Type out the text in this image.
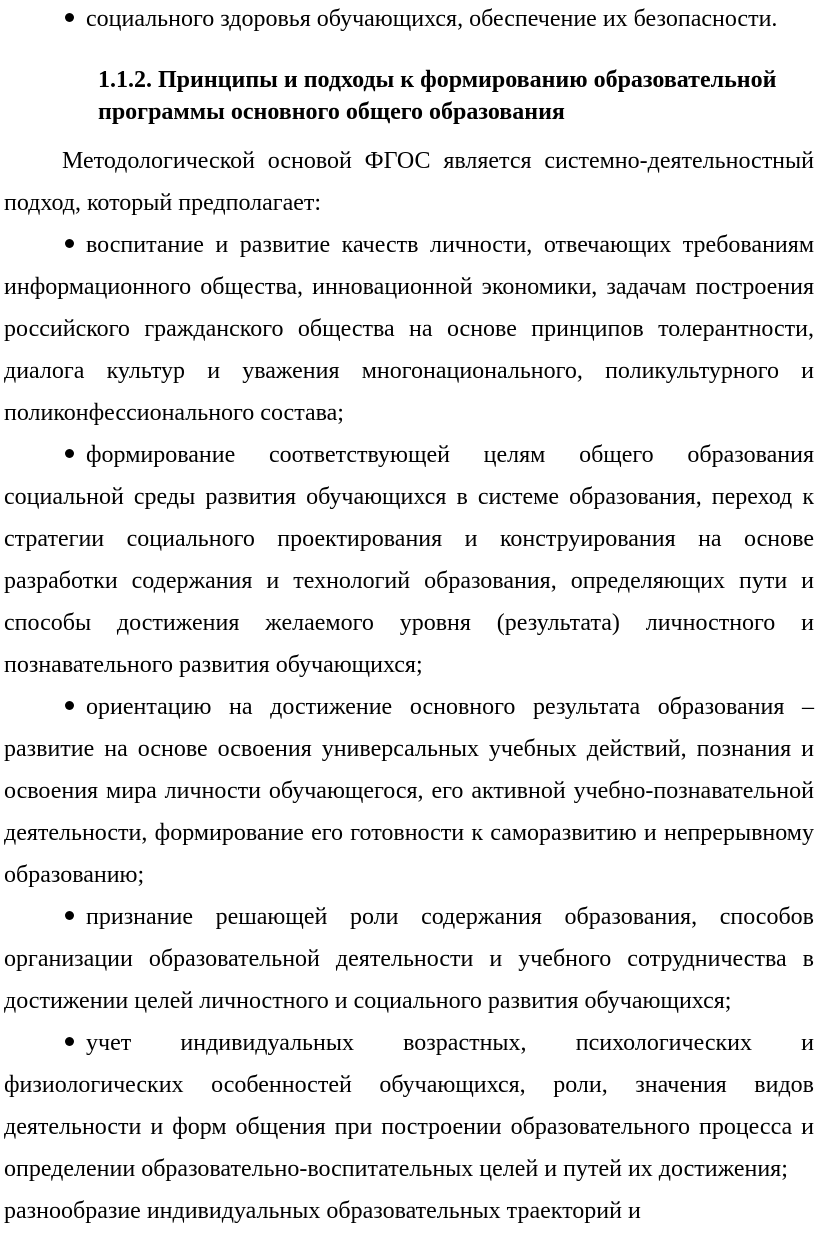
социального здоровья обучающихся, обеспечение их безопасности.
1.1.2. Принципы и подходы к формированию образовательной
программы основного общего образования
Методологической основой ФГОС является системно-деятельностный
подход, который предполагает:
воспитание и развитие качеств личности, отвечающих требованиям
информационного общества, инновационной экономики, задачам построения
российского гражданского общества на основе принципов толерантности,
диалога культур и уважения многонационального, поликультурного и
поликонфессионального состава;
формирование соответствующей целям общего образования
социальной среды развития обучающихся в системе образования, переход к
стратегии социального проектирования и конструирования на основе
разработки содержания и технологий образования, определяющих пути и
способы достижения желаемого уровня (результата) личностного и
познавательного развития обучающихся;
ориентацию на достижение основного результата образования –
развитие на основе освоения универсальных учебных действий, познания и
освоения мира личности обучающегося, его активной учебно-познавательной
деятельности, формирование его готовности к саморазвитию и непрерывному
образованию;
признание решающей роли содержания образования, способов
организации образовательной деятельности и учебного сотрудничества в
достижении целей личностного и социального развития обучающихся;
учет индивидуальных возрастных, психологических и
физиологических особенностей обучающихся, роли, значения видов
деятельности и форм общения при построении образовательного процесса и
определении образовательно-воспитательных целей и путей их достижения;
разнообразие индивидуальных образовательных траекторий и
